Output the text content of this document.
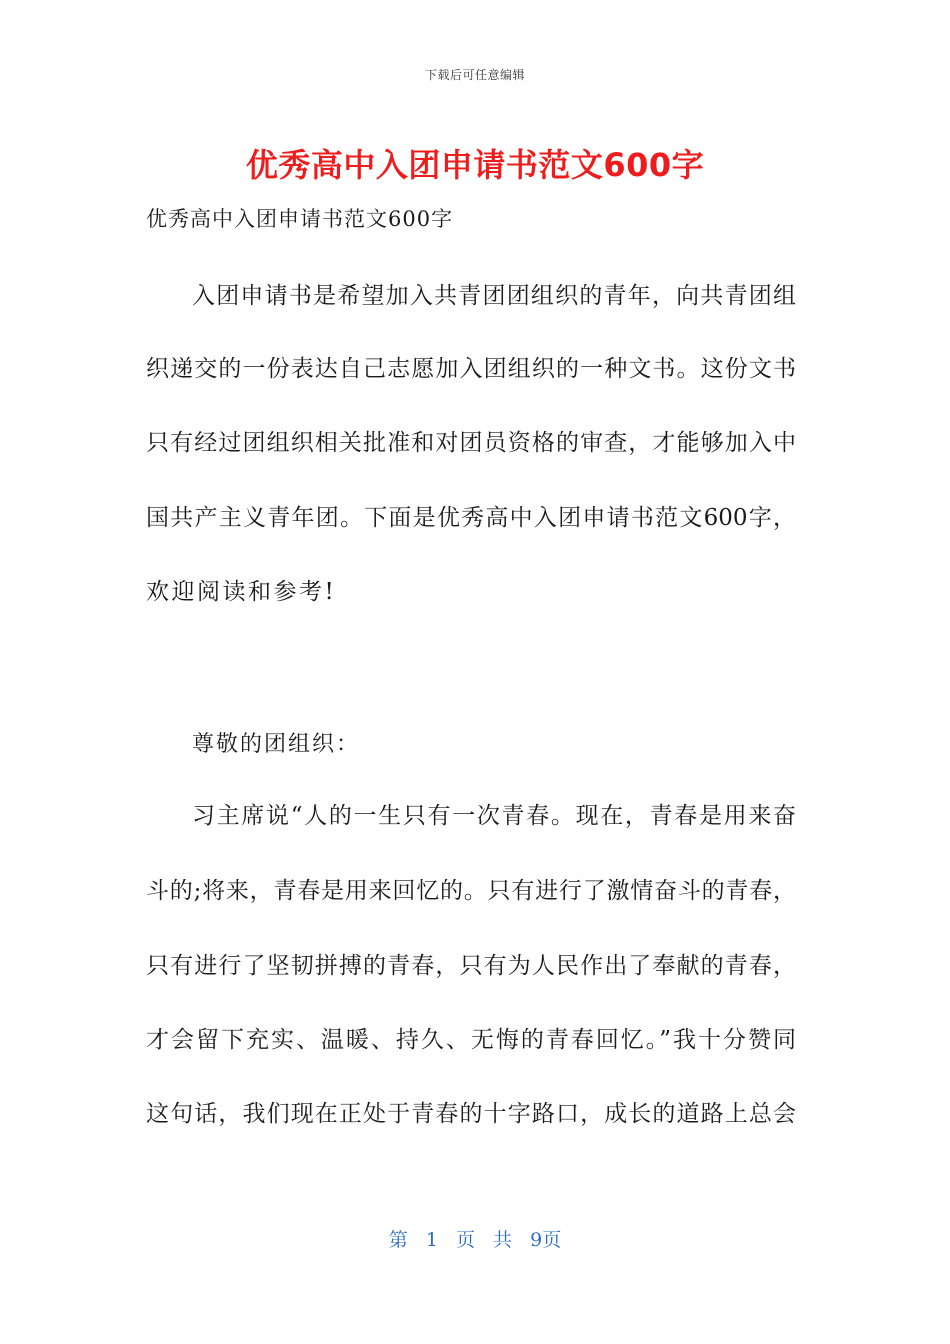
下载后可任意编辑
优秀高中入团申请书范文600字
优秀高中入团申请书范文600字
入团申请书是希望加入共青团团组织的青年，向共青团组
织递交的一份表达自己志愿加入团组织的一种文书。这份文书
只有经过团组织相关批准和对团员资格的审查，才能够加入中
国共产主义青年团。下面是优秀高中入团申请书范文600字，
欢迎阅读和参考!
尊敬的团组织：
习主席说“人的一生只有一次青春。现在，青春是用来奋
斗的;将来，青春是用来回忆的。只有进行了激情奋斗的青春，
只有进行了坚韧拼搏的青春，只有为人民作出了奉献的青春，
才会留下充实、温暖、持久、无悔的青春回忆。”我十分赞同
这句话，我们现在正处于青春的十字路口，成长的道路上总会
第 1 页 共 9页
